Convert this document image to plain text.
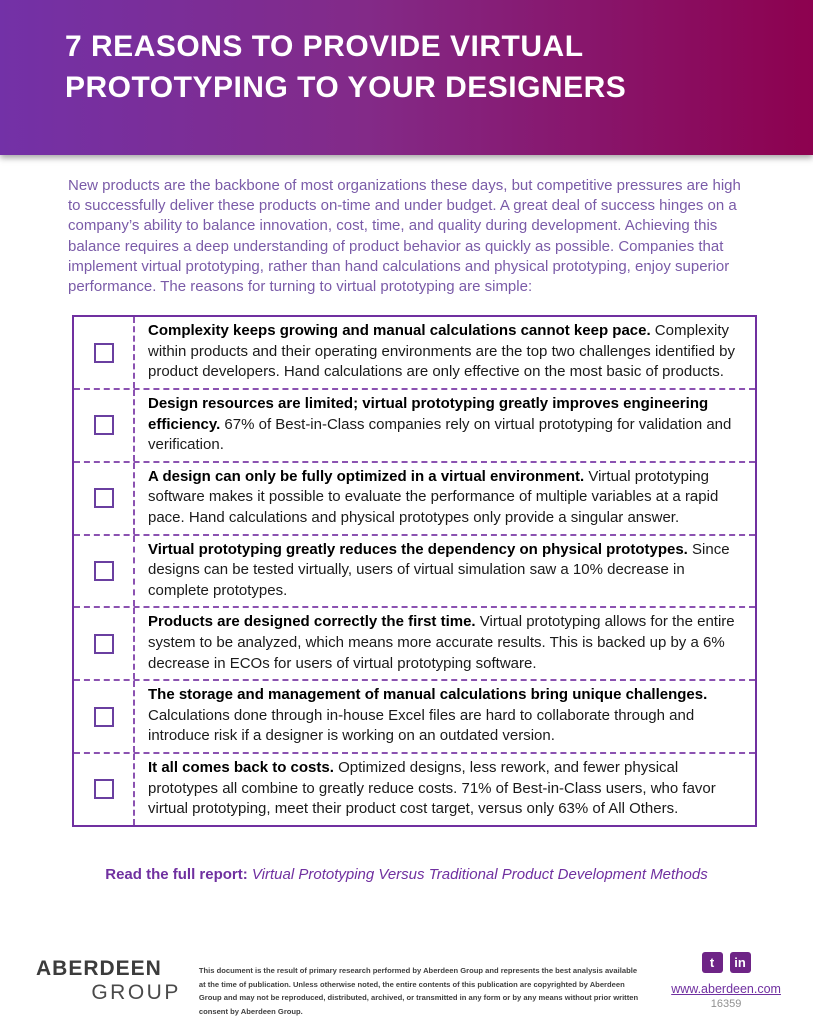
7 REASONS TO PROVIDE VIRTUAL
PROTOTYPING TO YOUR DESIGNERS

New products are the backbone of most organizations these days, but competitive pressures are high to successfully deliver these products on-time and under budget. A great deal of success hinges on a company’s ability to balance innovation, cost, time, and quality during development. Achieving this balance requires a deep understanding of product behavior as quickly as possible. Companies that implement virtual prototyping, rather than hand calculations and physical prototyping, enjoy superior performance. The reasons for turning to virtual prototyping are simple:

Complexity keeps growing and manual calculations cannot keep pace. Complexity within products and their operating environments are the top two challenges identified by product developers. Hand calculations are only effective on the most basic of products.

Design resources are limited; virtual prototyping greatly improves engineering efficiency. 67% of Best-in-Class companies rely on virtual prototyping for validation and verification.

A design can only be fully optimized in a virtual environment. Virtual prototyping software makes it possible to evaluate the performance of multiple variables at a rapid pace. Hand calculations and physical prototypes only provide a singular answer.

Virtual prototyping greatly reduces the dependency on physical prototypes. Since designs can be tested virtually, users of virtual simulation saw a 10% decrease in complete prototypes.

Products are designed correctly the first time. Virtual prototyping allows for the entire system to be analyzed, which means more accurate results. This is backed up by a 6% decrease in ECOs for users of virtual prototyping software.

The storage and management of manual calculations bring unique challenges. Calculations done through in-house Excel files are hard to collaborate through and introduce risk if a designer is working on an outdated version.

It all comes back to costs. Optimized designs, less rework, and fewer physical prototypes all combine to greatly reduce costs. 71% of Best-in-Class users, who favor virtual prototyping, meet their product cost target, versus only 63% of All Others.

Read the full report: Virtual Prototyping Versus Traditional Product Development Methods
ABERDEEN
GROUP

This document is the result of primary research performed by Aberdeen Group and represents the best analysis available at the time of publication. Unless otherwise noted, the entire contents of this publication are copyrighted by Aberdeen Group and may not be reproduced, distributed, archived, or transmitted in any form or by any means without prior written consent by Aberdeen Group.

t	in
www.aberdeen.com
16359
